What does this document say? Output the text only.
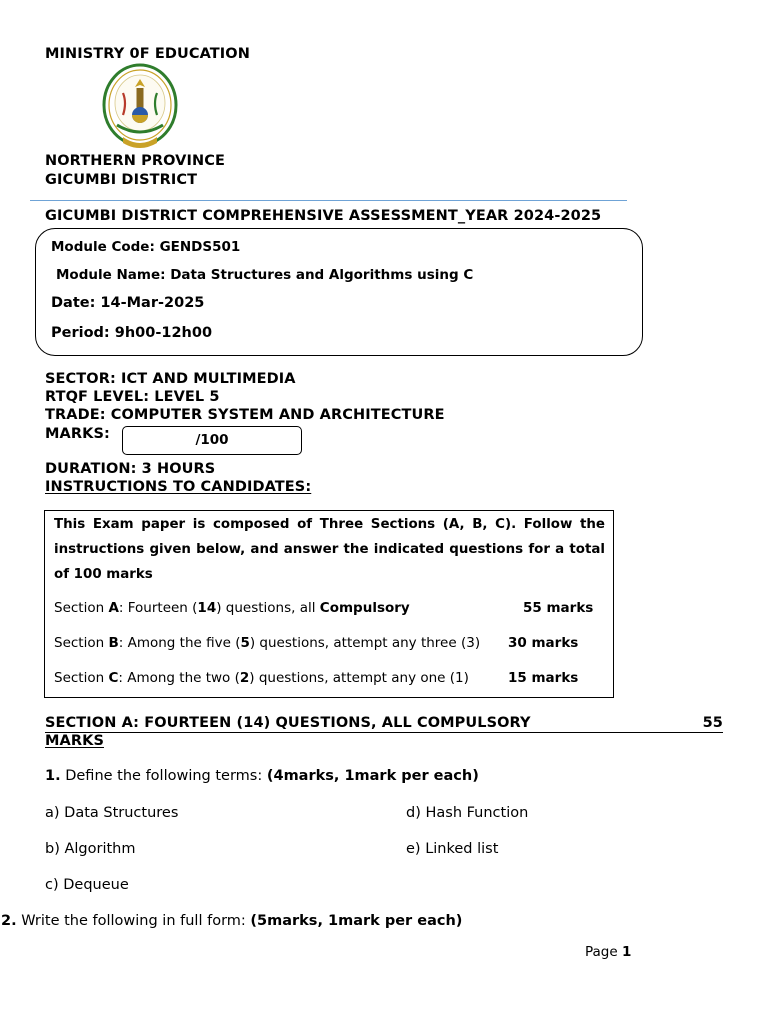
MINISTRY 0F EDUCATION
NORTHERN PROVINCE
GICUMBI DISTRICT
GICUMBI DISTRICT COMPREHENSIVE ASSESSMENT_YEAR 2024-2025
Module Code: GENDS501
Module Name: Data Structures and Algorithms using C
Date: 14-Mar-2025
Period: 9h00-12h00
SECTOR: ICT AND MULTIMEDIA
RTQF LEVEL: LEVEL 5
TRADE: COMPUTER SYSTEM AND ARCHITECTURE
MARKS:	/100
DURATION: 3 HOURS
INSTRUCTIONS TO CANDIDATES:
This Exam paper is composed of Three Sections (A, B, C). Follow the instructions given below, and answer the indicated questions for a total of 100 marks
Section A: Fourteen (14) questions, all Compulsory	55 marks
Section B: Among the five (5) questions, attempt any three (3) 30 marks
Section C: Among the two (2) questions, attempt any one (1)	15 marks
SECTION A: FOURTEEN (14) QUESTIONS, ALL COMPULSORY	55
MARKS
1. Define the following terms: (4marks, 1mark per each)
a) Data Structures
b) Algorithm
c) Dequeue
d) Hash Function
e) Linked list
2. Write the following in full form: (5marks, 1mark per each)
Page 1
